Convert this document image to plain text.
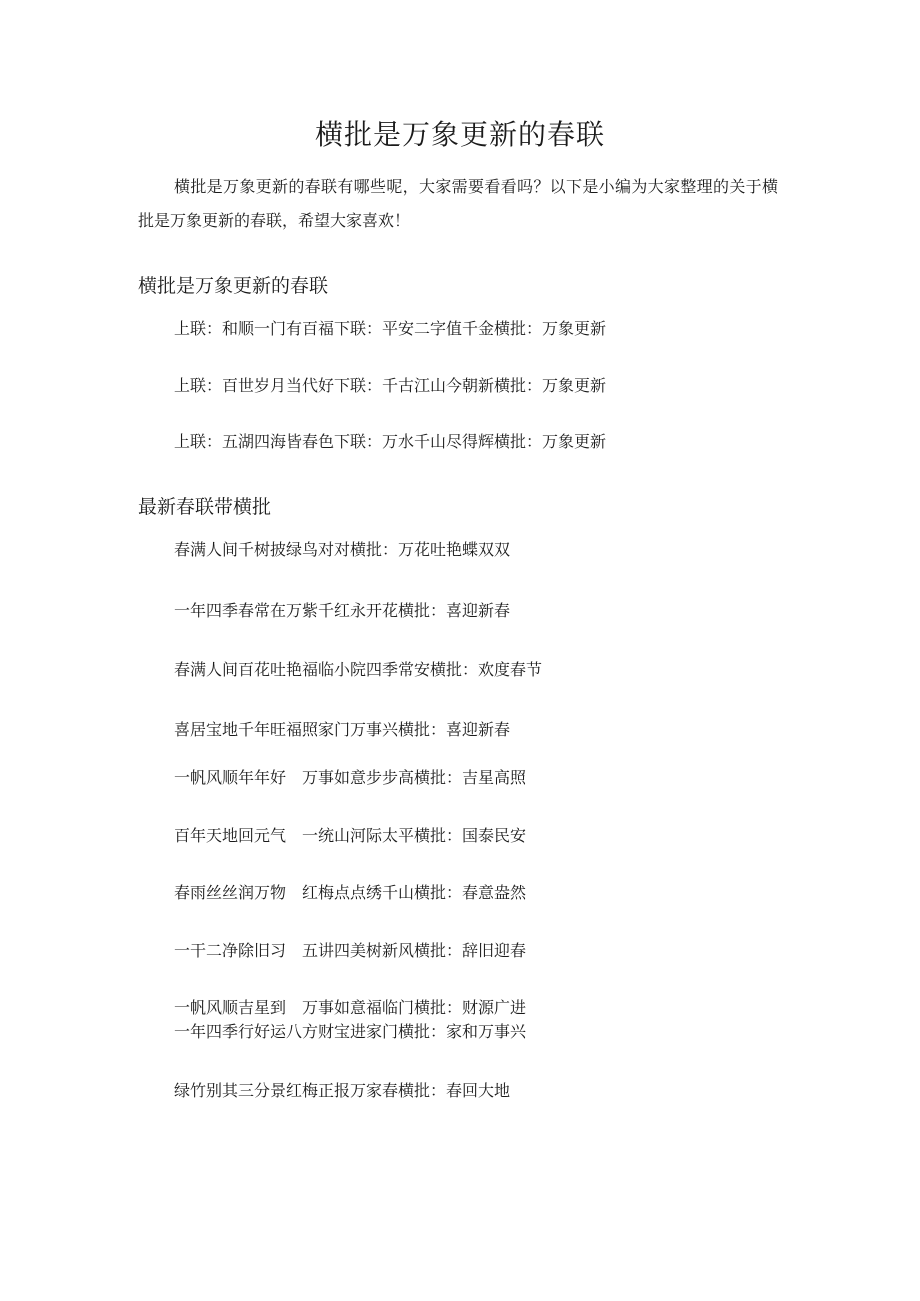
横批是万象更新的春联
横批是万象更新的春联有哪些呢，大家需要看看吗？以下是小编为大家整理的关于横批是万象更新的春联，希望大家喜欢！
横批是万象更新的春联
上联：和顺一门有百福下联：平安二字值千金横批：万象更新
上联：百世岁月当代好下联：千古江山今朝新横批：万象更新
上联：五湖四海皆春色下联：万水千山尽得辉横批：万象更新
最新春联带横批
春满人间千树披绿鸟对对横批：万花吐艳蝶双双
一年四季春常在万紫千红永开花横批：喜迎新春
春满人间百花吐艳福临小院四季常安横批：欢度春节
喜居宝地千年旺福照家门万事兴横批：喜迎新春
一帆风顺年年好　万事如意步步高横批：吉星高照
百年天地回元气　一统山河际太平横批：国泰民安
春雨丝丝润万物　红梅点点绣千山横批：春意盎然
一干二净除旧习　五讲四美树新风横批：辞旧迎春
一帆风顺吉星到　万事如意福临门横批：财源广进
一年四季行好运八方财宝进家门横批：家和万事兴
绿竹别其三分景红梅正报万家春横批：春回大地
